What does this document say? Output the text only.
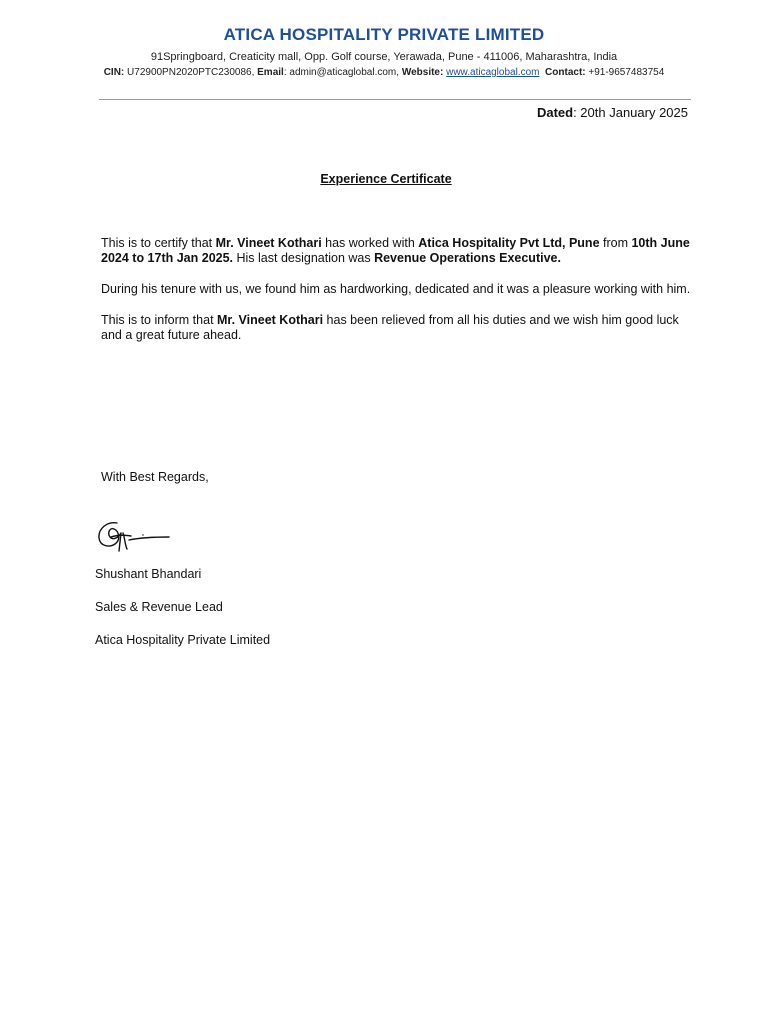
ATICA HOSPITALITY PRIVATE LIMITED
91Springboard, Creaticity mall, Opp. Golf course, Yerawada, Pune - 411006, Maharashtra, India
CIN: U72900PN2020PTC230086, Email: admin@aticaglobal.com, Website: www.aticaglobal.com Contact: +91-9657483754
Dated: 20th January 2025
Experience Certificate

This is to certify that Mr. Vineet Kothari has worked with Atica Hospitality Pvt Ltd, Pune from 10th June 2024 to 17th Jan 2025. His last designation was Revenue Operations Executive.

During his tenure with us, we found him as hardworking, dedicated and it was a pleasure working with him.

This is to inform that Mr. Vineet Kothari has been relieved from all his duties and we wish him good luck and a great future ahead.

With Best Regards,
Shushant Bhandari
Sales & Revenue Lead
Atica Hospitality Private Limited
